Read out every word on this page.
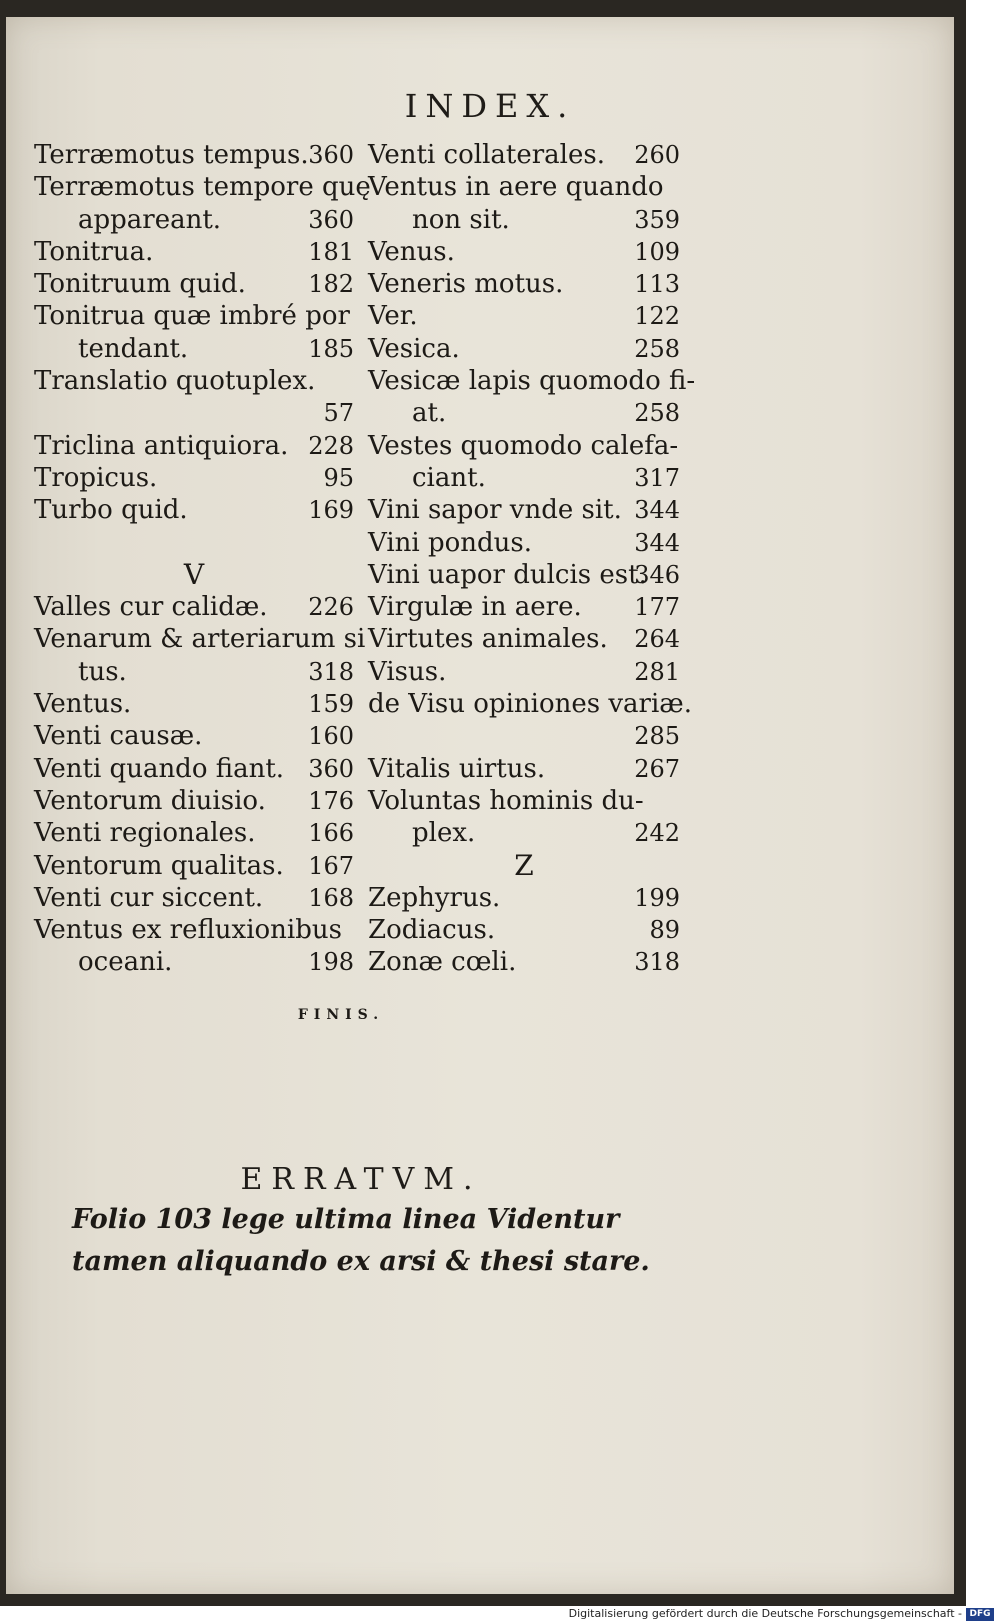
INDEX.
Terræmotus tempus. 360
Terræmotus tempore quę
appareant.	360
Tonitrua.	181
Tonitruum quid.	182
Tonitrua quæ imbré por
tendant.	185
Translatio quotuplex.
57
Triclina antiquiora. 228
Tropicus.	95
Turbo quid.	169
V
Valles cur calidæ. 226
Venarum & arteriarum si
tus.	318
Ventus.	159
Venti causæ.	160
Venti quando fiant. 360
Ventorum diuisio. 176
Venti regionales. 166
Ventorum qualitas. 167
Venti cur siccent. 168
Ventus ex refluxionibus
oceani.	198
Venti collaterales. 260
Ventus in aere quando
non sit.	359
Venus.	109
Veneris motus.	113
Ver.	122
Vesica.	258
Vesicæ lapis quomodo fi-
at.	258
Vestes quomodo calefa-
ciant.	317
Vini sapor vnde sit. 344
Vini pondus.	344
Vini uapor dulcis est.
346
Virgulæ in aere. 177
Virtutes animales. 264
Visus.	281
de Visu opiniones variæ.
285
Vitalis uirtus.	267
Voluntas hominis du-
plex.	242
Z
Zephyrus.	199
Zodiacus.	89
Zonæ cœli.	318
FINIS.
ERRATVM.
Folio 103 lege ultima linea Videntur tamen aliquando ex arsi & thesi stare.
Digitalisierung gefördert durch die Deutsche Forschungsgemeinschaft - DFG
